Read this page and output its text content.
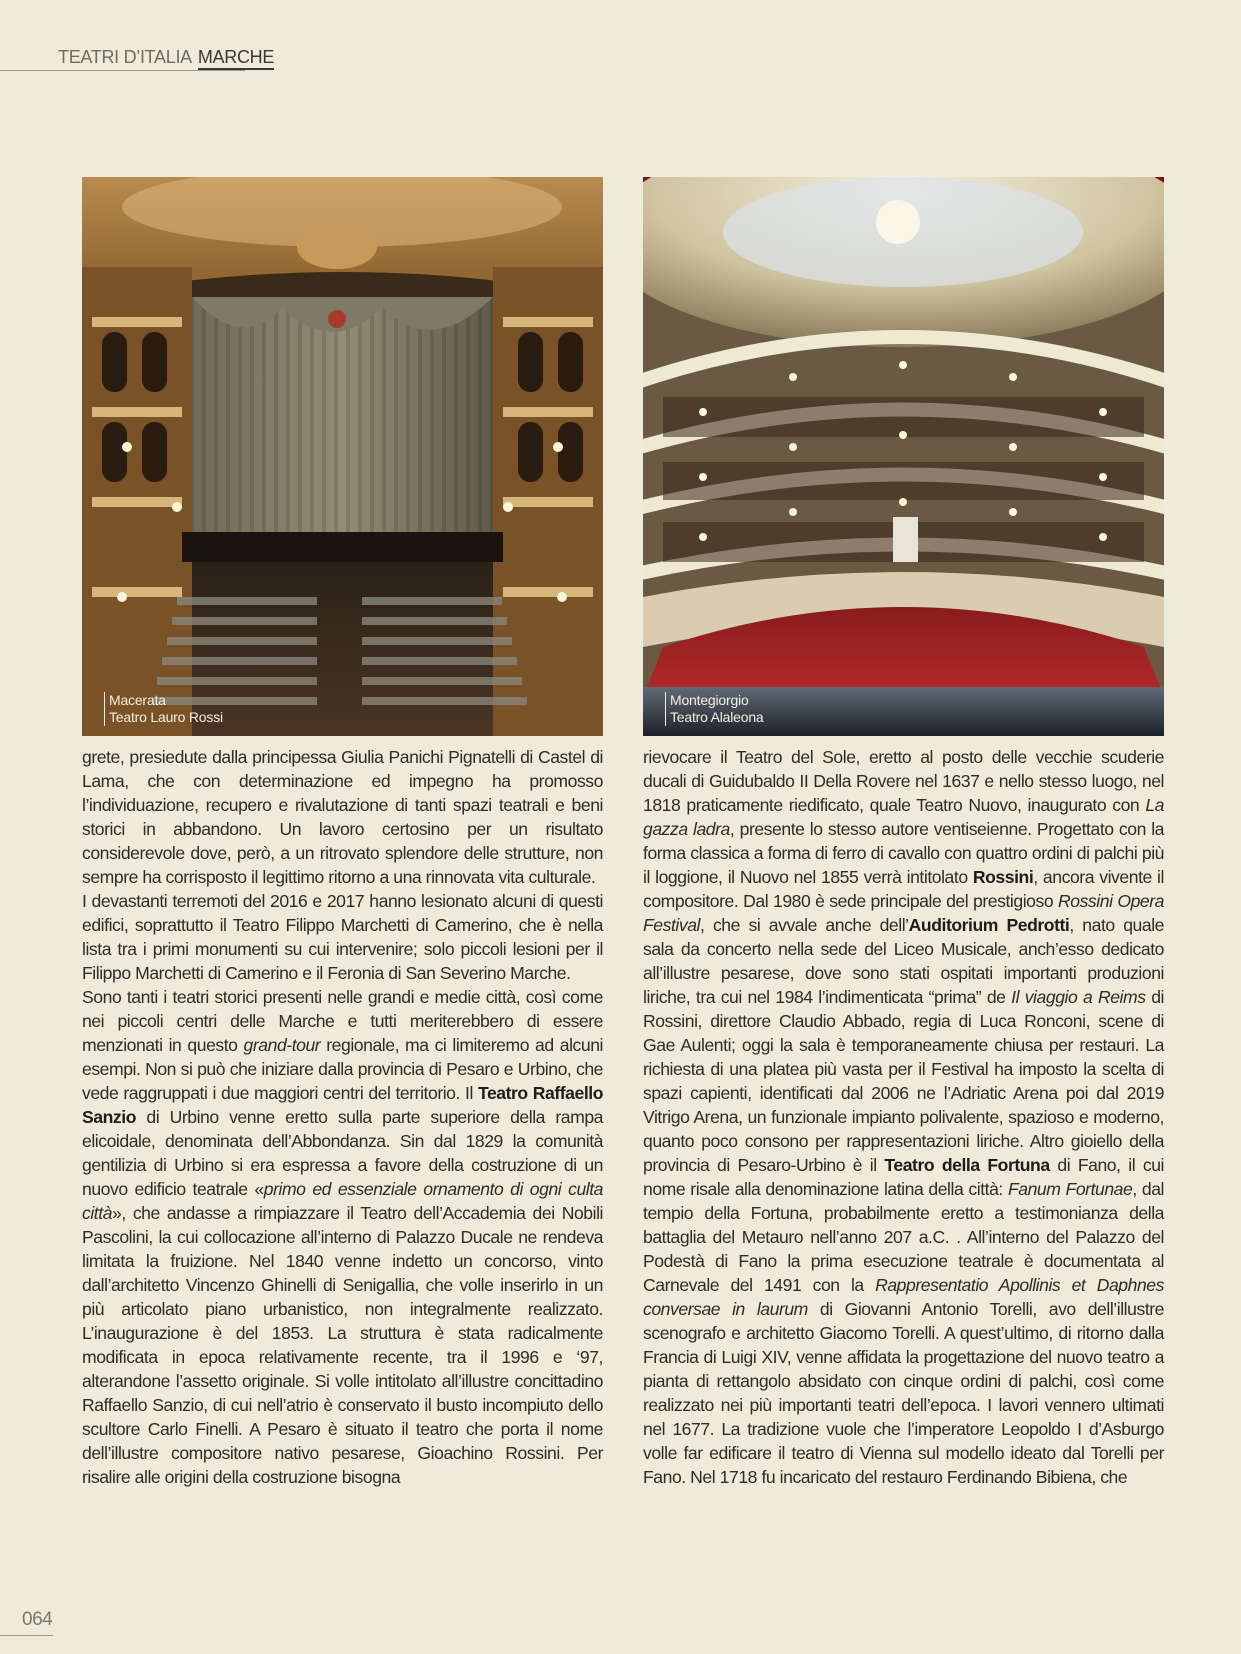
TEATRI D’ITALIA MARCHE
Macerata
Teatro Lauro Rossi
Montegiorgio
Teatro Alaleona

grete, presiedute dalla principessa Giulia Panichi Pignatelli di Castel di Lama, che con determinazione ed impegno ha promosso l’individuazione, recupero e rivalutazione di tanti spazi teatrali e beni storici in abbandono. Un lavoro certosino per un risultato considerevole dove, però, a un ritrovato splendore delle strutture, non sempre ha corrisposto il legittimo ritorno a una rinnovata vita culturale.

I devastanti terremoti del 2016 e 2017 hanno lesionato alcuni di questi edifici, soprattutto il Teatro Filippo Marchetti di Camerino, che è nella lista tra i primi monumenti su cui intervenire; solo piccoli lesioni per il Filippo Marchetti di Camerino e il Feronia di San Severino Marche.

Sono tanti i teatri storici presenti nelle grandi e medie città, così come nei piccoli centri delle Marche e tutti meriterebbero di essere menzionati in questo grand-tour regionale, ma ci limiteremo ad alcuni esempi. Non si può che iniziare dalla provincia di Pesaro e Urbino, che vede raggruppati i due maggiori centri del territorio. Il Teatro Raffaello Sanzio di Urbino venne eretto sulla parte superiore della rampa elicoidale, denominata dell’Abbondanza. Sin dal 1829 la comunità gentilizia di Urbino si era espressa a favore della costruzione di un nuovo edificio teatrale «primo ed essenziale ornamento di ogni culta città», che andasse a rimpiazzare il Teatro dell’Accademia dei Nobili Pascolini, la cui collocazione all’interno di Palazzo Ducale ne rendeva limitata la fruizione. Nel 1840 venne indetto un concorso, vinto dall’architetto Vincenzo Ghinelli di Senigallia, che volle inserirlo in un più articolato piano urbanistico, non integralmente realizzato. L’inaugurazione è del 1853. La struttura è stata radicalmente modificata in epoca relativamente recente, tra il 1996 e ‘97, alterandone l’assetto originale. Si volle intitolato all’illustre concittadino Raffaello Sanzio, di cui nell’atrio è conservato il busto incompiuto dello scultore Carlo Finelli. A Pesaro è situato il teatro che porta il nome dell’illustre compositore nativo pesarese, Gioachino Rossini. Per risalire alle origini della costruzione bisogna

rievocare il Teatro del Sole, eretto al posto delle vecchie scuderie ducali di Guidubaldo II Della Rovere nel 1637 e nello stesso luogo, nel 1818 praticamente riedificato, quale Teatro Nuovo, inaugurato con La gazza ladra, presente lo stesso autore ventiseienne. Progettato con la forma classica a forma di ferro di cavallo con quattro ordini di palchi più il loggione, il Nuovo nel 1855 verrà intitolato Rossini, ancora vivente il compositore. Dal 1980 è sede principale del prestigioso Rossini Opera Festival, che si avvale anche dell’Auditorium Pedrotti, nato quale sala da concerto nella sede del Liceo Musicale, anch’esso dedicato all’illustre pesarese, dove sono stati ospitati importanti produzioni liriche, tra cui nel 1984 l’indimenticata “prima” de Il viaggio a Reims di Rossini, direttore Claudio Abbado, regia di Luca Ronconi, scene di Gae Aulenti; oggi la sala è temporaneamente chiusa per restauri. La richiesta di una platea più vasta per il Festival ha imposto la scelta di spazi capienti, identificati dal 2006 ne l’Adriatic Arena poi dal 2019 Vitrigo Arena, un funzionale impianto polivalente, spazioso e moderno, quanto poco consono per rappresentazioni liriche. Altro gioiello della provincia di Pesaro-Urbino è il Teatro della Fortuna di Fano, il cui nome risale alla denominazione latina della città: Fanum Fortunae, dal tempio della Fortuna, probabilmente eretto a testimonianza della battaglia del Metauro nell’anno 207 a.C. . All’interno del Palazzo del Podestà di Fano la prima esecuzione teatrale è documentata al Carnevale del 1491 con la Rappresentatio Apollinis et Daphnes conversae in laurum di Giovanni Antonio Torelli, avo dell’illustre scenografo e architetto Giacomo Torelli. A quest’ultimo, di ritorno dalla Francia di Luigi XIV, venne affidata la progettazione del nuovo teatro a pianta di rettangolo absidato con cinque ordini di palchi, così come realizzato nei più importanti teatri dell’epoca. I lavori vennero ultimati nel 1677. La tradizione vuole che l’imperatore Leopoldo I d’Asburgo volle far edificare il teatro di Vienna sul modello ideato dal Torelli per Fano. Nel 1718 fu incaricato del restauro Ferdinando Bibiena, che

064
